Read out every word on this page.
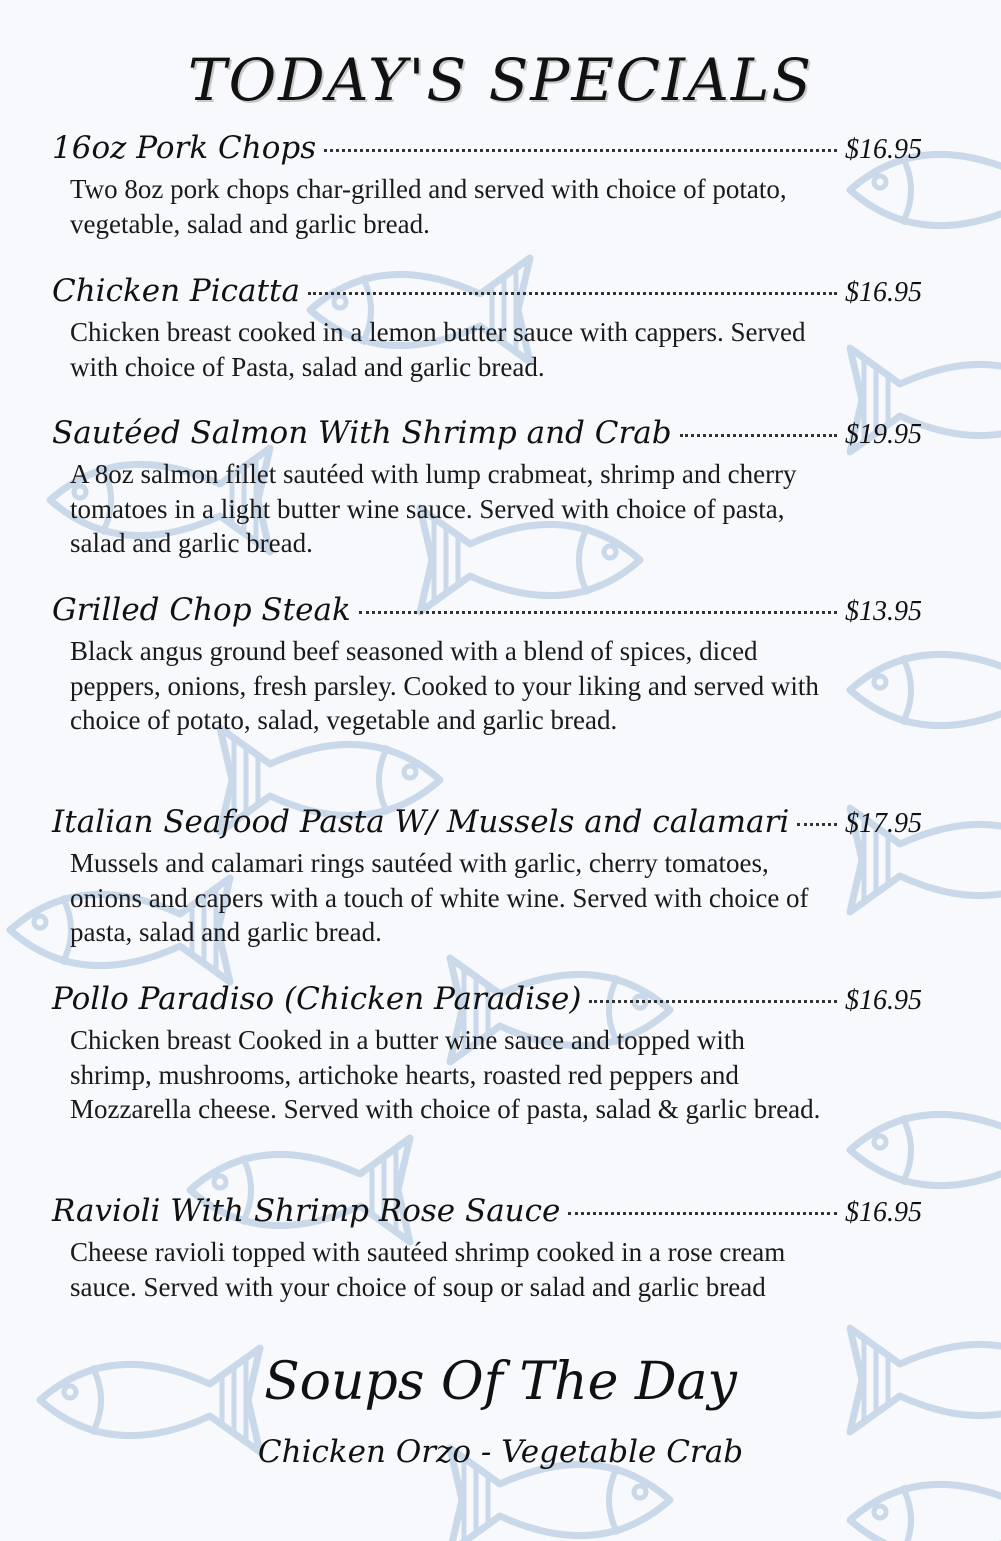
TODAY'S SPECIALS
16oz Pork Chops	$16.95
Two 8oz pork chops char-grilled and served with choice of potato, vegetable, salad and garlic bread.
Chicken Picatta	$16.95
Chicken breast cooked in a lemon butter sauce with cappers. Served with choice of Pasta, salad and garlic bread.
Sautéed Salmon With Shrimp and Crab	$19.95
A 8oz salmon fillet sautéed with lump crabmeat, shrimp and cherry tomatoes in a light butter wine sauce. Served with choice of pasta, salad and garlic bread.
Grilled Chop Steak	$13.95
Black angus ground beef seasoned with a blend of spices, diced peppers, onions, fresh parsley. Cooked to your liking and served with choice of potato, salad, vegetable and garlic bread.
Italian Seafood Pasta W/ Mussels and calamari $17.95
Mussels and calamari rings sautéed with garlic, cherry tomatoes, onions and capers with a touch of white wine. Served with choice of pasta, salad and garlic bread.
Pollo Paradiso (Chicken Paradise)	$16.95
Chicken breast Cooked in a butter wine sauce and topped with shrimp, mushrooms, artichoke hearts, roasted red peppers and Mozzarella cheese. Served with choice of pasta, salad & garlic bread.
Ravioli With Shrimp Rose Sauce	$16.95
Cheese ravioli topped with sautéed shrimp cooked in a rose cream sauce. Served with your choice of soup or salad and garlic bread
Soups Of The Day
Chicken Orzo - Vegetable Crab
